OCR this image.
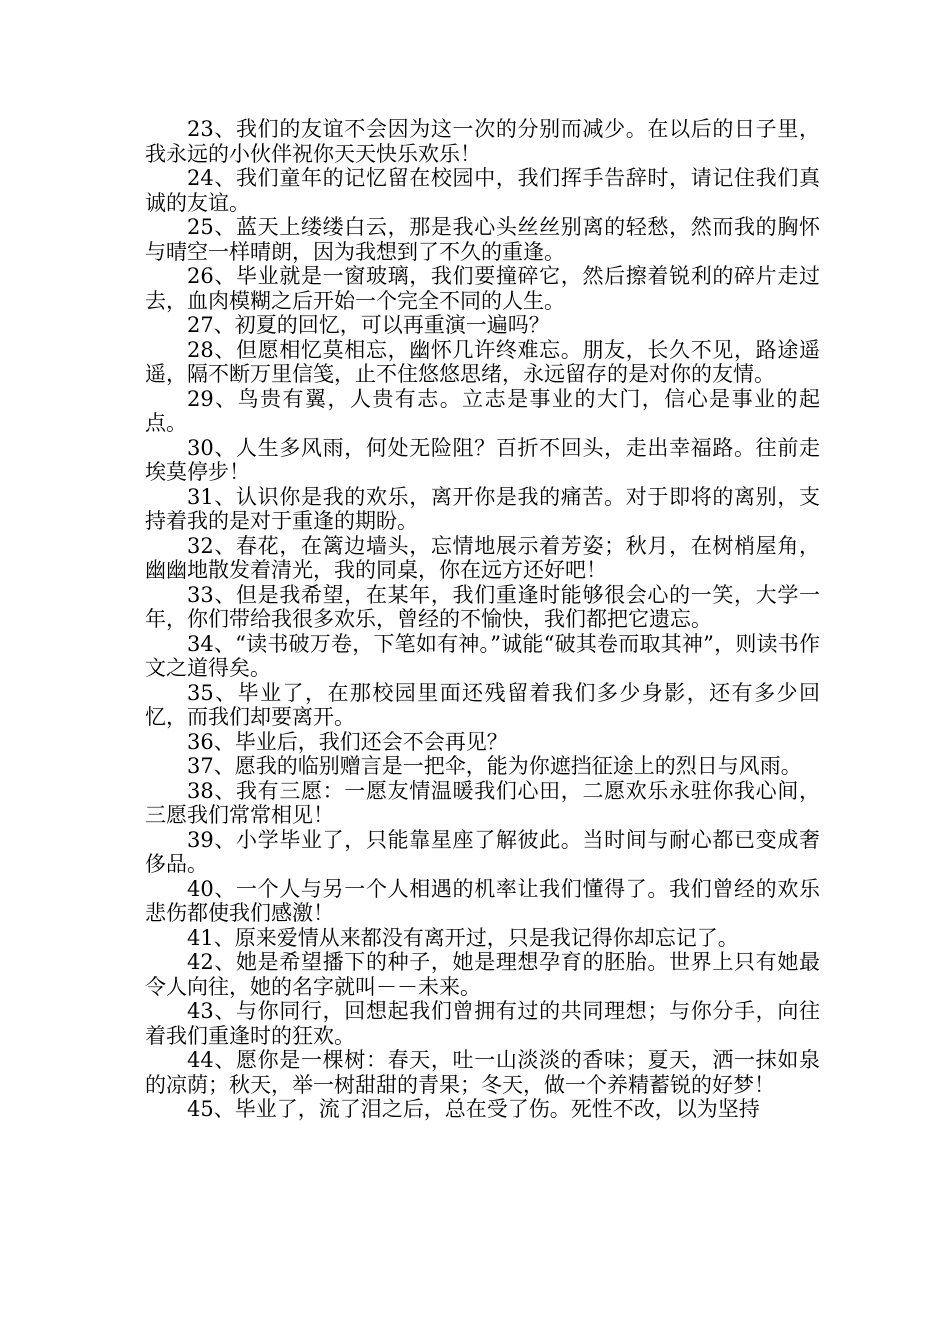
23、我们的友谊不会因为这一次的分别而减少。在以后的日子里，我永远的小伙伴祝你天天快乐欢乐！

24、我们童年的记忆留在校园中，我们挥手告辞时，请记住我们真诚的友谊。

25、蓝天上缕缕白云，那是我心头丝丝别离的轻愁，然而我的胸怀与晴空一样晴朗，因为我想到了不久的重逢。

26、毕业就是一窗玻璃，我们要撞碎它，然后擦着锐利的碎片走过去，血肉模糊之后开始一个完全不同的人生。

27、初夏的回忆，可以再重演一遍吗？

28、但愿相忆莫相忘，幽怀几许终难忘。朋友，长久不见，路途遥遥，隔不断万里信笺，止不住悠悠思绪，永远留存的是对你的友情。

29、鸟贵有翼，人贵有志。立志是事业的大门，信心是事业的起点。

30、人生多风雨，何处无险阻？百折不回头，走出幸福路。往前走埃莫停步！

31、认识你是我的欢乐，离开你是我的痛苦。对于即将的离别，支持着我的是对于重逢的期盼。

32、春花，在篱边墙头，忘情地展示着芳姿；秋月，在树梢屋角，幽幽地散发着清光，我的同桌，你在远方还好吧！

33、但是我希望，在某年，我们重逢时能够很会心的一笑，大学一年，你们带给我很多欢乐，曾经的不愉快，我们都把它遗忘。

34、“读书破万卷，下笔如有神。”诚能“破其卷而取其神”，则读书作文之道得矣。

35、毕业了，在那校园里面还残留着我们多少身影，还有多少回忆，而我们却要离开。

36、毕业后，我们还会不会再见？

37、愿我的临别赠言是一把伞，能为你遮挡征途上的烈日与风雨。

38、我有三愿：一愿友情温暖我们心田，二愿欢乐永驻你我心间，三愿我们常常相见！

39、小学毕业了，只能靠星座了解彼此。当时间与耐心都已变成奢侈品。

40、一个人与另一个人相遇的机率让我们懂得了。我们曾经的欢乐悲伤都使我们感激！

41、原来爱情从来都没有离开过，只是我记得你却忘记了。

42、她是希望播下的种子，她是理想孕育的胚胎。世界上只有她最令人向往，她的名字就叫－－未来。

43、与你同行，回想起我们曾拥有过的共同理想；与你分手，向往着我们重逢时的狂欢。

44、愿你是一棵树：春天，吐一山淡淡的香味；夏天，洒一抹如泉的凉荫；秋天，举一树甜甜的青果；冬天，做一个养精蓄锐的好梦！

45、毕业了，流了泪之后，总在受了伤。死性不改，以为坚持
